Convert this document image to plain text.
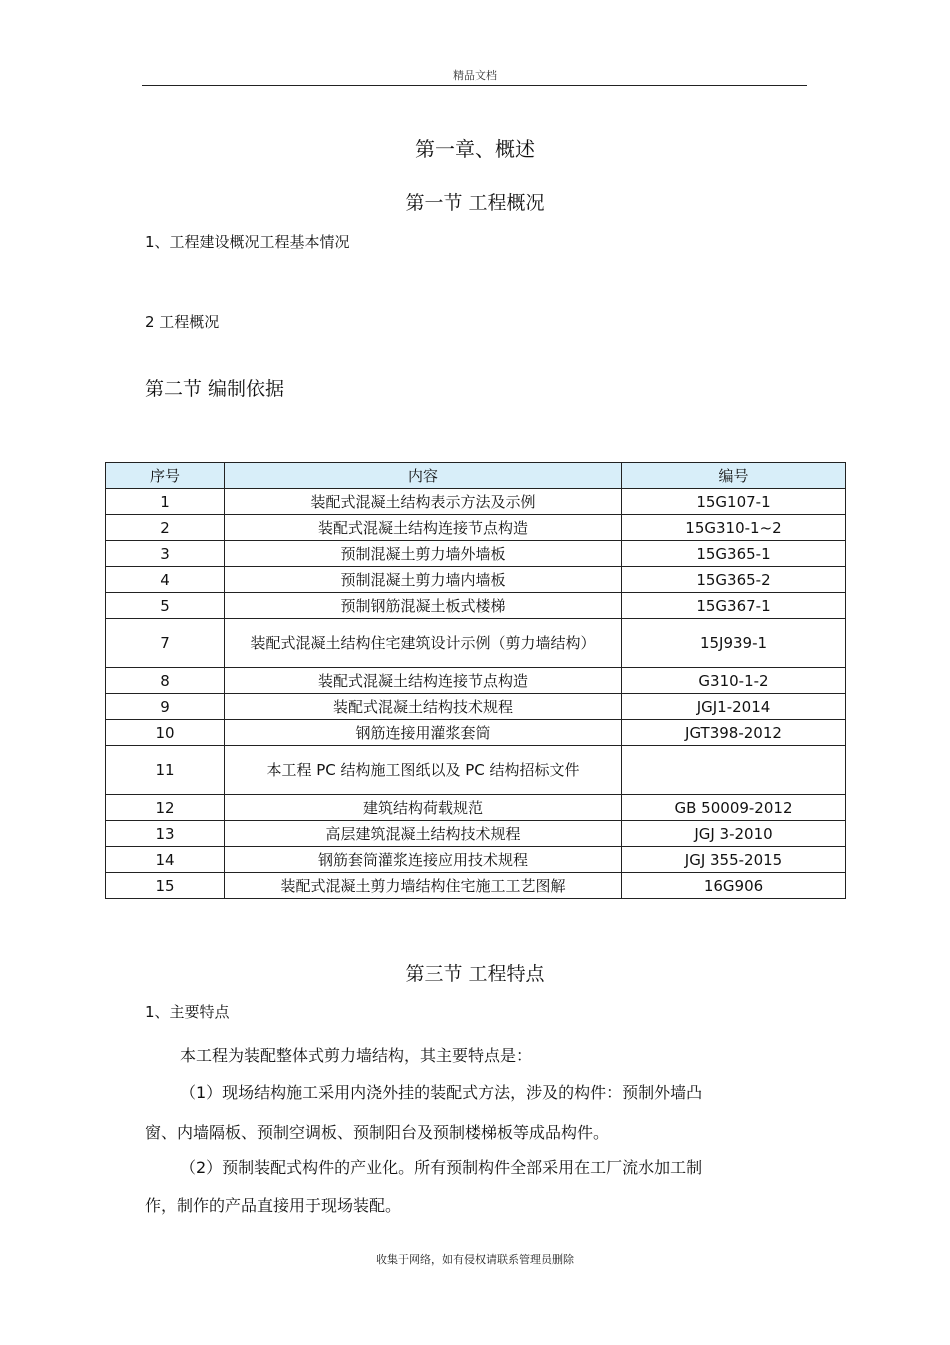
精品文档
第一章、概述
第一节 工程概况
1、工程建设概况工程基本情况
2 工程概况
第二节 编制依据
序号	内容	编号
1	装配式混凝土结构表示方法及示例	15G107-1
2	装配式混凝土结构连接节点构造	15G310-1~2
3	预制混凝土剪力墙外墙板	15G365-1
4	预制混凝土剪力墙内墙板	15G365-2
5	预制钢筋混凝土板式楼梯	15G367-1
7	装配式混凝土结构住宅建筑设计示例（剪力墙结构）	15J939-1
8	装配式混凝土结构连接节点构造	G310-1-2
9	装配式混凝土结构技术规程	JGJ1-2014
10	钢筋连接用灌浆套筒	JGT398-2012
11	本工程 PC 结构施工图纸以及 PC 结构招标文件	
12	建筑结构荷载规范	GB 50009-2012
13	高层建筑混凝土结构技术规程	JGJ 3-2010
14	钢筋套筒灌浆连接应用技术规程	JGJ 355-2015
15	装配式混凝土剪力墙结构住宅施工工艺图解	16G906
第三节 工程特点
1、主要特点
本工程为装配整体式剪力墙结构，其主要特点是：
（1）现场结构施工采用内浇外挂的装配式方法，涉及的构件：预制外墙凸
窗、内墙隔板、预制空调板、预制阳台及预制楼梯板等成品构件。
（2）预制装配式构件的产业化。所有预制构件全部采用在工厂流水加工制
作，制作的产品直接用于现场装配。
收集于网络，如有侵权请联系管理员删除
